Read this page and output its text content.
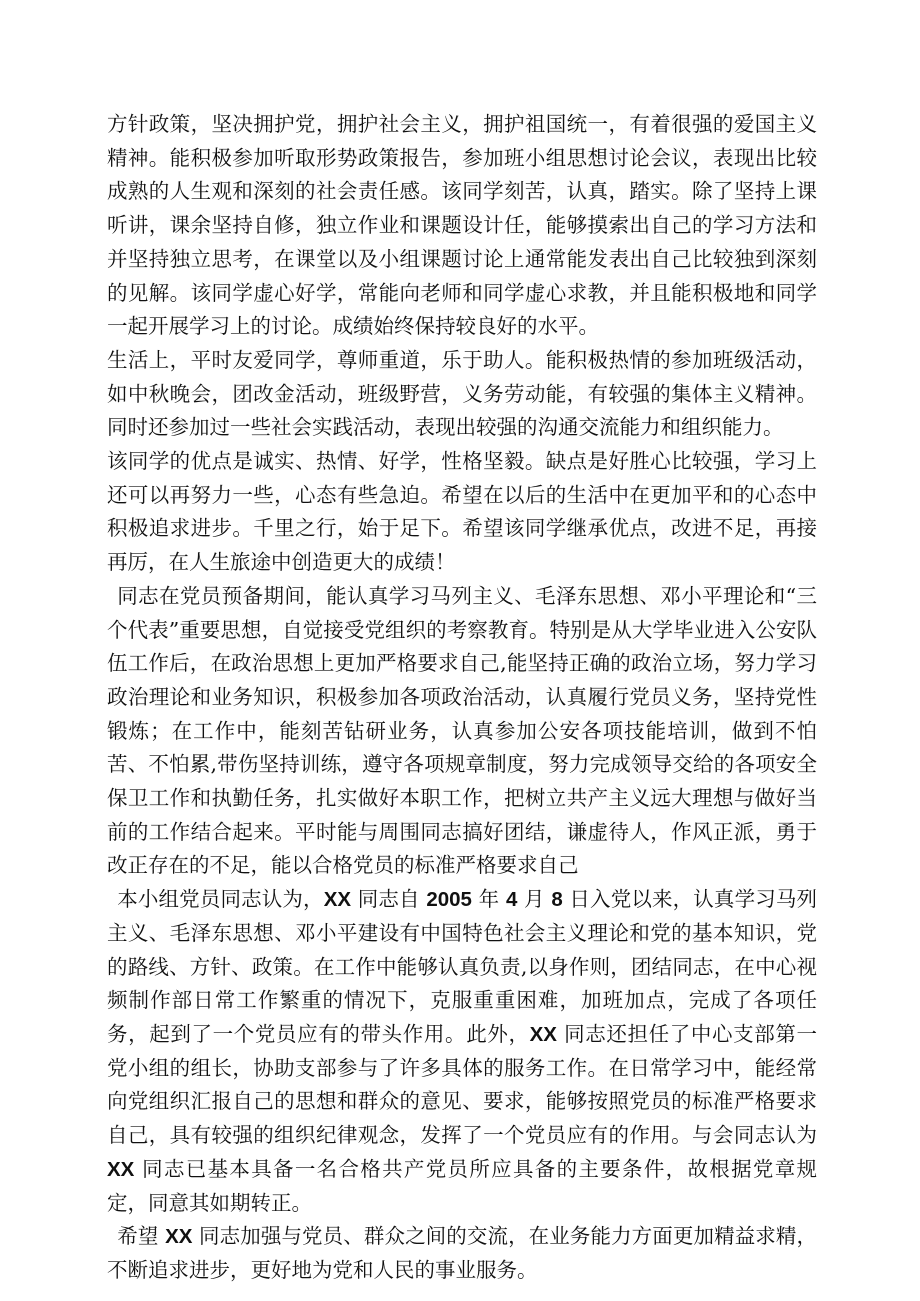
方针政策，坚决拥护党，拥护社会主义，拥护祖国统一，有着很强的爱国主义精神。能积极参加听取形势政策报告，参加班小组思想讨论会议，表现出比较成熟的人生观和深刻的社会责任感。该同学刻苦，认真，踏实。除了坚持上课听讲，课余坚持自修，独立作业和课题设计任，能够摸索出自己的学习方法和并坚持独立思考，在课堂以及小组课题讨论上通常能发表出自己比较独到深刻的见解。该同学虚心好学，常能向老师和同学虚心求教，并且能积极地和同学一起开展学习上的讨论。成绩始终保持较良好的水平。

生活上，平时友爱同学，尊师重道，乐于助人。能积极热情的参加班级活动，如中秋晚会，团改金活动，班级野营，义务劳动能，有较强的集体主义精神。同时还参加过一些社会实践活动，表现出较强的沟通交流能力和组织能力。

该同学的优点是诚实、热情、好学，性格坚毅。缺点是好胜心比较强，学习上还可以再努力一些，心态有些急迫。希望在以后的生活中在更加平和的心态中积极追求进步。千里之行，始于足下。希望该同学继承优点，改进不足，再接再厉，在人生旅途中创造更大的成绩！

同志在党员预备期间，能认真学习马列主义、毛泽东思想、邓小平理论和“三个代表”重要思想，自觉接受党组织的考察教育。特别是从大学毕业进入公安队伍工作后，在政治思想上更加严格要求自己,能坚持正确的政治立场，努力学习政治理论和业务知识，积极参加各项政治活动，认真履行党员义务，坚持党性锻炼；在工作中，能刻苦钻研业务，认真参加公安各项技能培训，做到不怕苦、不怕累,带伤坚持训练，遵守各项规章制度，努力完成领导交给的各项安全保卫工作和执勤任务，扎实做好本职工作，把树立共产主义远大理想与做好当前的工作结合起来。平时能与周围同志搞好团结，谦虚待人，作风正派，勇于改正存在的不足，能以合格党员的标准严格要求自己

本小组党员同志认为，XX 同志自 2005 年 4 月 8 日入党以来，认真学习马列主义、毛泽东思想、邓小平建设有中国特色社会主义理论和党的基本知识，党的路线、方针、政策。在工作中能够认真负责,以身作则，团结同志，在中心视频制作部日常工作繁重的情况下，克服重重困难，加班加点，完成了各项任务，起到了一个党员应有的带头作用。此外，XX 同志还担任了中心支部第一党小组的组长，协助支部参与了许多具体的服务工作。在日常学习中，能经常向党组织汇报自己的思想和群众的意见、要求，能够按照党员的标准严格要求自己，具有较强的组织纪律观念，发挥了一个党员应有的作用。与会同志认为 XX 同志已基本具备一名合格共产党员所应具备的主要条件，故根据党章规定，同意其如期转正。

希望 XX 同志加强与党员、群众之间的交流，在业务能力方面更加精益求精，不断追求进步，更好地为党和人民的事业服务。
